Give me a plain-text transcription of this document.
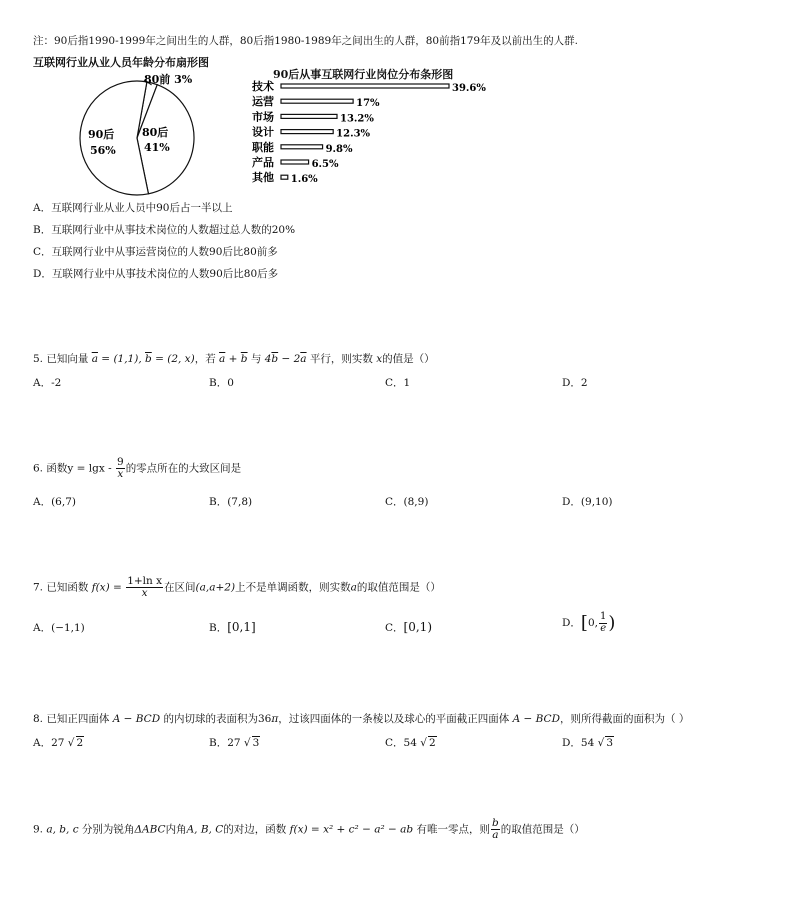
注：90后指1990-1999年之间出生的人群，80后指1980-1989年之间出生的人群，80前指179年及以前出生的人群.
互联网行业从业人员年龄分布扇形图
80前 3%
80后
41%
90后
56%
90后从事互联网行业岗位分布条形图
技术	39.6%
运营	17%
市场	13.2%
设计	12.3%
职能	9.8%
产品	6.5%
其他 1.6%
A．互联网行业从业人员中90后占一半以上
B．互联网行业中从事技术岗位的人数超过总人数的20%
C．互联网行业中从事运营岗位的人数90后比80前多
D．互联网行业中从事技术岗位的人数90后比80后多
5. 已知向量 $\overline{a} = (1,1)$, $\overline{b} = (2$, x)，若 $\overline{a} + \overline{b}$ 与 $4\overline{b} - 2\overline{a}$ 平行，则实数 x的值是（）
A．-2	B．0	C．1	D．2
6. 函数$y = \lg x - \frac{9}{x}$ 的零点所在的大致区间是
A．(6,7)	B．(7,8)	C．(8,9)	D．(9,10)
7. 已知函数 $f(x) = \frac{\text{1+ln x}}{x}$ 在区间(a,a+2)上不是单调函数，则实数a的取值范围是（）
A．(−1,1)	B．[0,1]	C．[0,1)	D．[0, $\frac{1}{e}$ )
8. 已知正四面体 A − BCD 的内切球的表面积为36π，过该四面体的一条棱以及球心的平面截正四面体 A − BCD，则所得截面的面积为（ ）
A．27 √ 2	B．27 √ 3	C．54 √ 2	D．54 √ 3
9. a, b, c 分别为锐角ΔABC内角A, B, C的对边，函数 f(x) = x² + c² − a² − ab 有唯一零点，则 $\frac{b}{a}$ 的取值范围是（）
